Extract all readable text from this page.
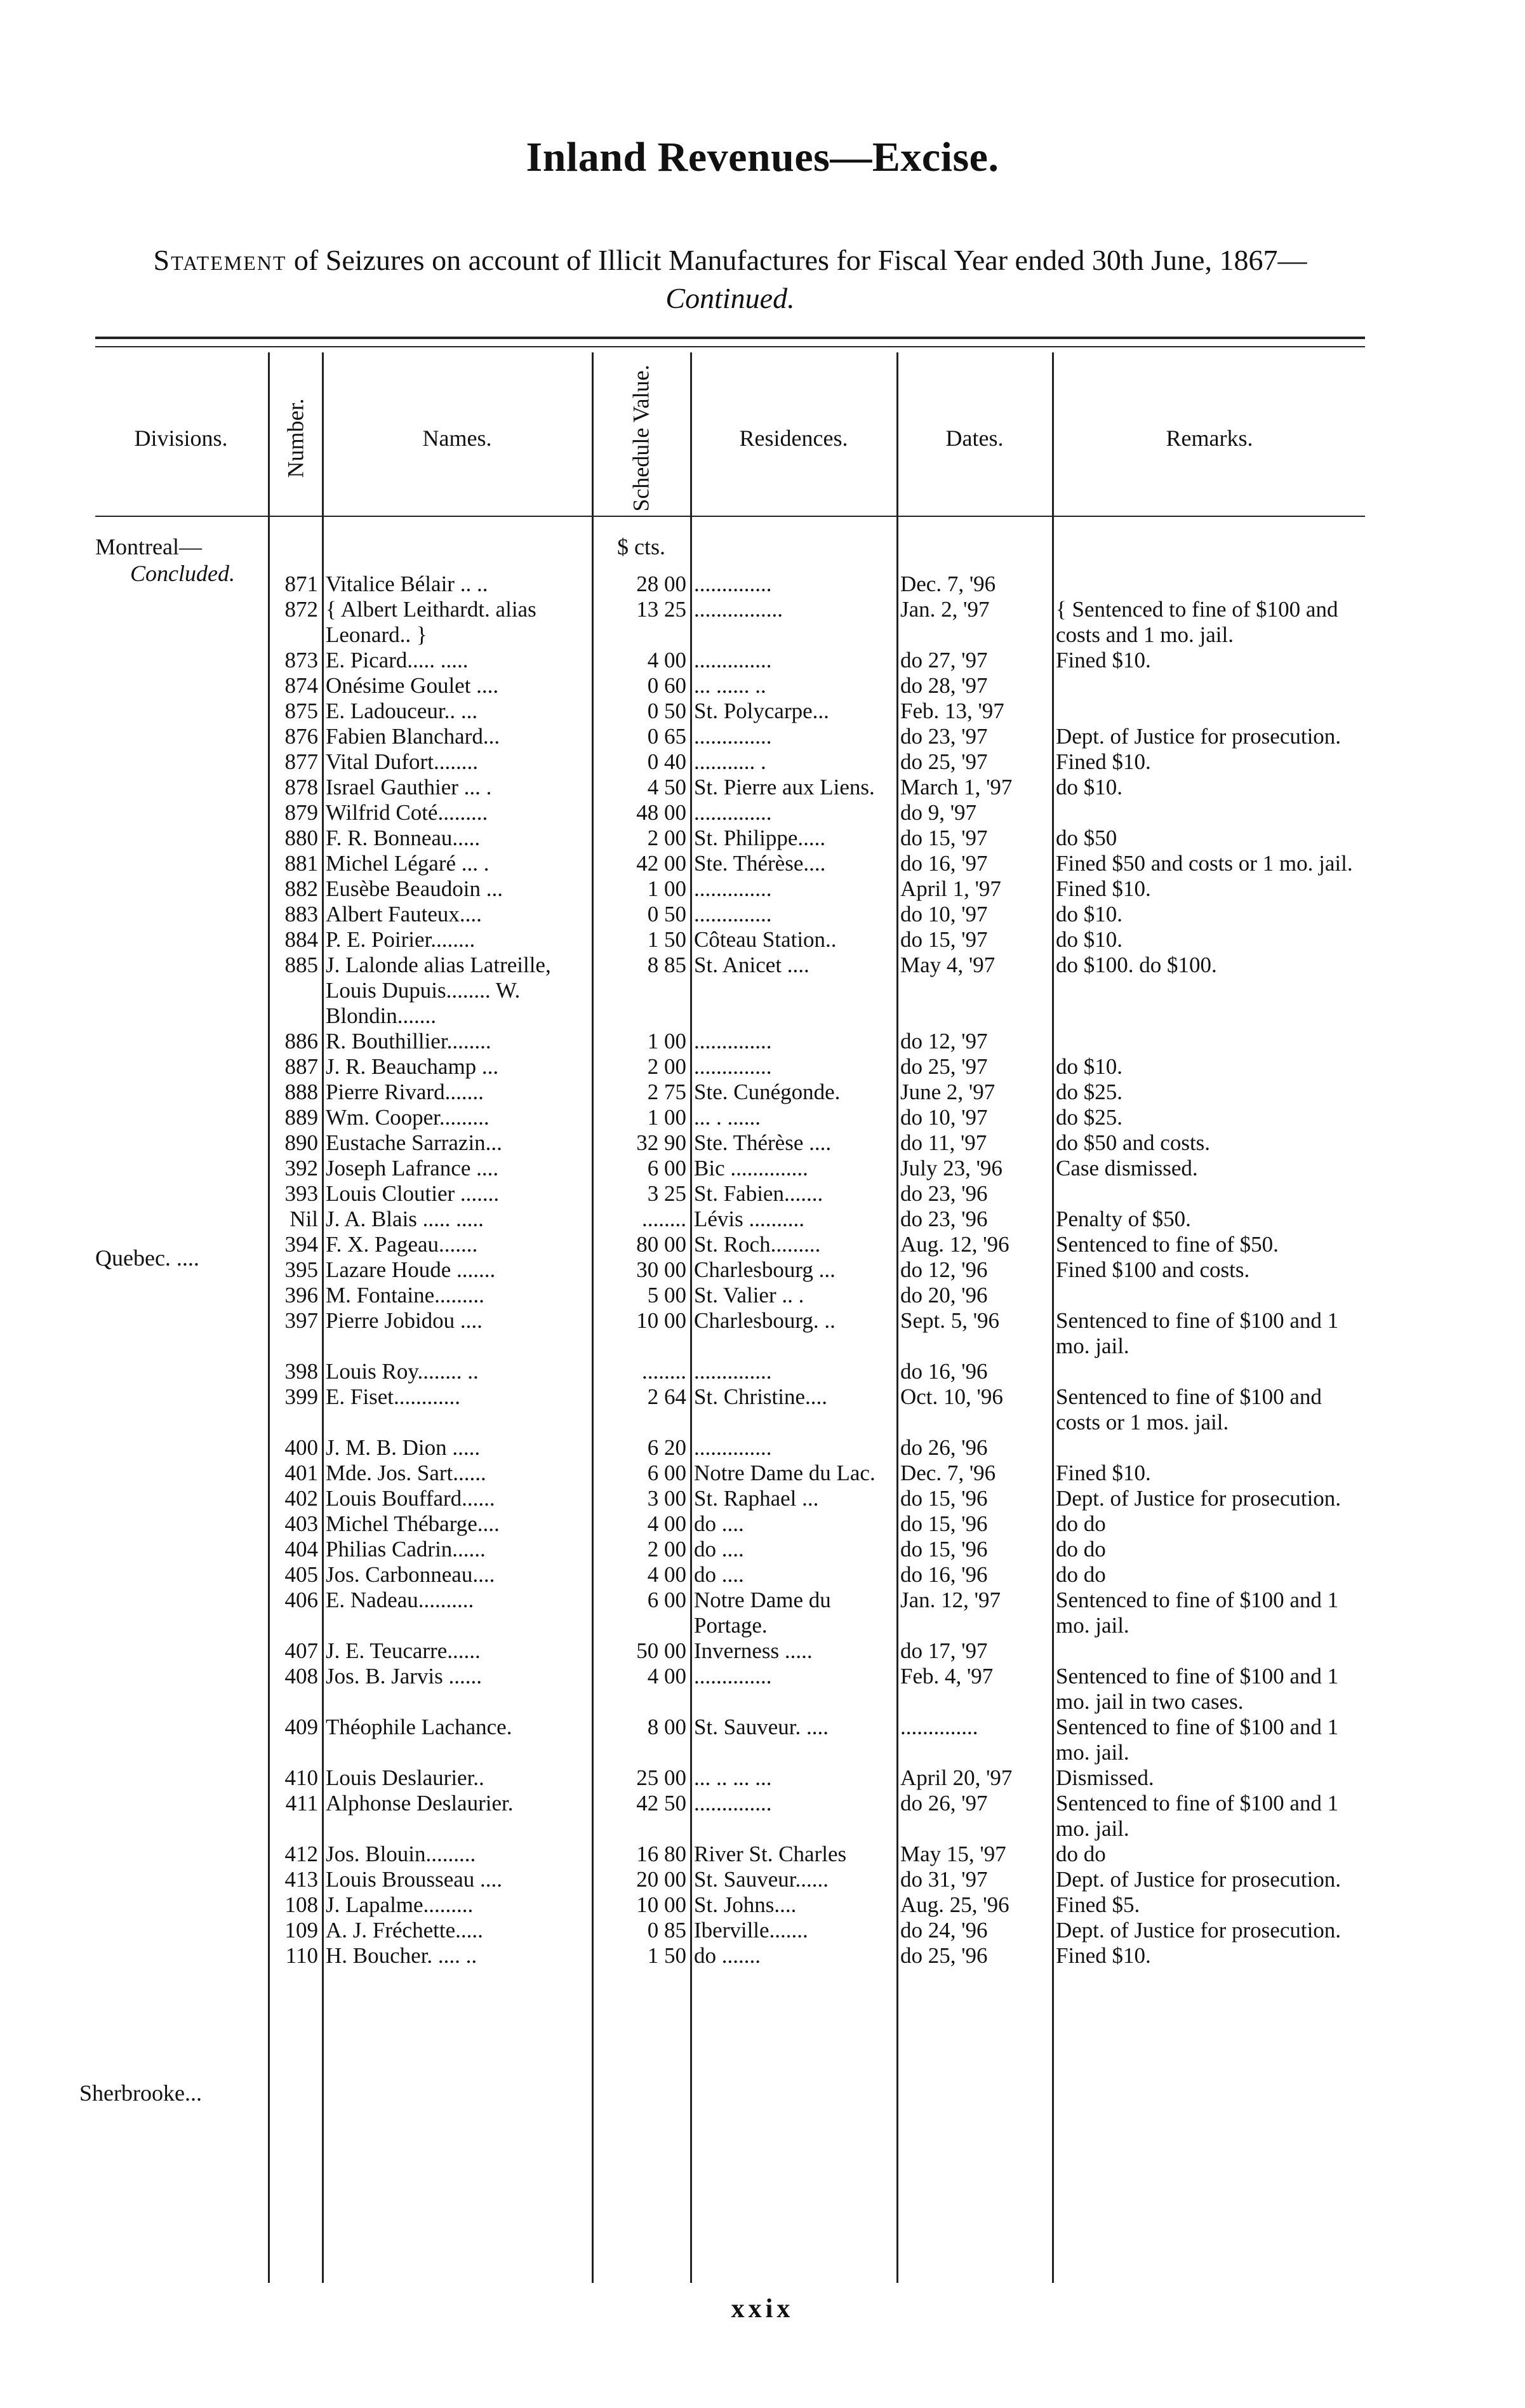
Inland Revenues—Excise.
Statement of Seizures on account of Illicit Manufactures for Fiscal Year ended 30th June, 1867—Continued.
Divisions.	Number.	Names.	Schedule Value.	Residences.	Dates.	Remarks.
Montreal—
Concluded.
Quebec. ....
Sherbrooke...
$ cts.

	871	Vitalice Bélair .. ..	28 00	..............	Dec. 7, '96	
	872	{ Albert Leithardt. alias Leonard.. }	13 25	................	Jan. 2, '97	{ Sentenced to fine of $100 and costs and 1 mo. jail.
	873	E. Picard..... .....	4 00	..............	do 27, '97	Fined $10.
	874	Onésime Goulet ....	0 60	... ...... ..	do 28, '97	
	875	E. Ladouceur.. ...	0 50	St. Polycarpe...	Feb. 13, '97	
	876	Fabien Blanchard...	0 65	..............	do 23, '97	Dept. of Justice for prosecution.
	877	Vital Dufort........	0 40	........... .	do 25, '97	Fined $10.
	878	Israel Gauthier ... .	4 50	St. Pierre aux Liens.	March 1, '97	do $10.
	879	Wilfrid Coté.........	48 00	..............	do 9, '97	
	880	F. R. Bonneau.....	2 00	St. Philippe.....	do 15, '97	do $50
	881	Michel Légaré ... .	42 00	Ste. Thérèse....	do 16, '97	Fined $50 and costs or 1 mo. jail.
	882	Eusèbe Beaudoin ...	1 00	..............	April 1, '97	Fined $10.
	883	Albert Fauteux....	0 50	..............	do 10, '97	do $10.
	884	P. E. Poirier........	1 50	Côteau Station..	do 15, '97	do $10.
	885	J. Lalonde alias Latreille, Louis Dupuis........ W. Blondin.......	8 85	St. Anicet ....	May 4, '97	do $100. do $100.
	886	R. Bouthillier........	1 00	..............	do 12, '97	
	887	J. R. Beauchamp ...	2 00	..............	do 25, '97	do $10.
	888	Pierre Rivard.......	2 75	Ste. Cunégonde.	June 2, '97	do $25.
	889	Wm. Cooper.........	1 00	... . ......	do 10, '97	do $25.
	890	Eustache Sarrazin...	32 90	Ste. Thérèse ....	do 11, '97	do $50 and costs.
	392	Joseph Lafrance ....	6 00	Bic ..............	July 23, '96	Case dismissed.
	393	Louis Cloutier .......	3 25	St. Fabien.......	do 23, '96	
	Nil	J. A. Blais ..... .....	........	Lévis ..........	do 23, '96	Penalty of $50.
	394	F. X. Pageau.......	80 00	St. Roch.........	Aug. 12, '96	Sentenced to fine of $50.
	395	Lazare Houde .......	30 00	Charlesbourg ...	do 12, '96	Fined $100 and costs.
	396	M. Fontaine.........	5 00	St. Valier .. .	do 20, '96	
	397	Pierre Jobidou ....	10 00	Charlesbourg. ..	Sept. 5, '96	Sentenced to fine of $100 and 1 mo. jail.
	398	Louis Roy........ ..	........	..............	do 16, '96	
	399	E. Fiset............	2 64	St. Christine....	Oct. 10, '96	Sentenced to fine of $100 and costs or 1 mos. jail.
	400	J. M. B. Dion .....	6 20	..............	do 26, '96	
	401	Mde. Jos. Sart......	6 00	Notre Dame du Lac.	Dec. 7, '96	Fined $10.
	402	Louis Bouffard......	3 00	St. Raphael ...	do 15, '96	Dept. of Justice for prosecution.
	403	Michel Thébarge....	4 00	do ....	do 15, '96	do do
	404	Philias Cadrin......	2 00	do ....	do 15, '96	do do
	405	Jos. Carbonneau....	4 00	do ....	do 16, '96	do do
	406	E. Nadeau..........	6 00	Notre Dame du Portage.	Jan. 12, '97	Sentenced to fine of $100 and 1 mo. jail.
	407	J. E. Teucarre......	50 00	Inverness .....	do 17, '97	
	408	Jos. B. Jarvis ......	4 00	..............	Feb. 4, '97	Sentenced to fine of $100 and 1 mo. jail in two cases.
	409	Théophile Lachance.	8 00	St. Sauveur. ....	..............	Sentenced to fine of $100 and 1 mo. jail.
	410	Louis Deslaurier..	25 00	... .. ... ...	April 20, '97	Dismissed.
	411	Alphonse Deslaurier.	42 50	..............	do 26, '97	Sentenced to fine of $100 and 1 mo. jail.
	412	Jos. Blouin.........	16 80	River St. Charles	May 15, '97	do do
	413	Louis Brousseau ....	20 00	St. Sauveur......	do 31, '97	Dept. of Justice for prosecution.
	108	J. Lapalme.........	10 00	St. Johns....	Aug. 25, '96	Fined $5.
	109	A. J. Fréchette.....	0 85	Iberville.......	do 24, '96	Dept. of Justice for prosecution.
	110	H. Boucher. .... ..	1 50	do .......	do 25, '96	Fined $10.
xxix
